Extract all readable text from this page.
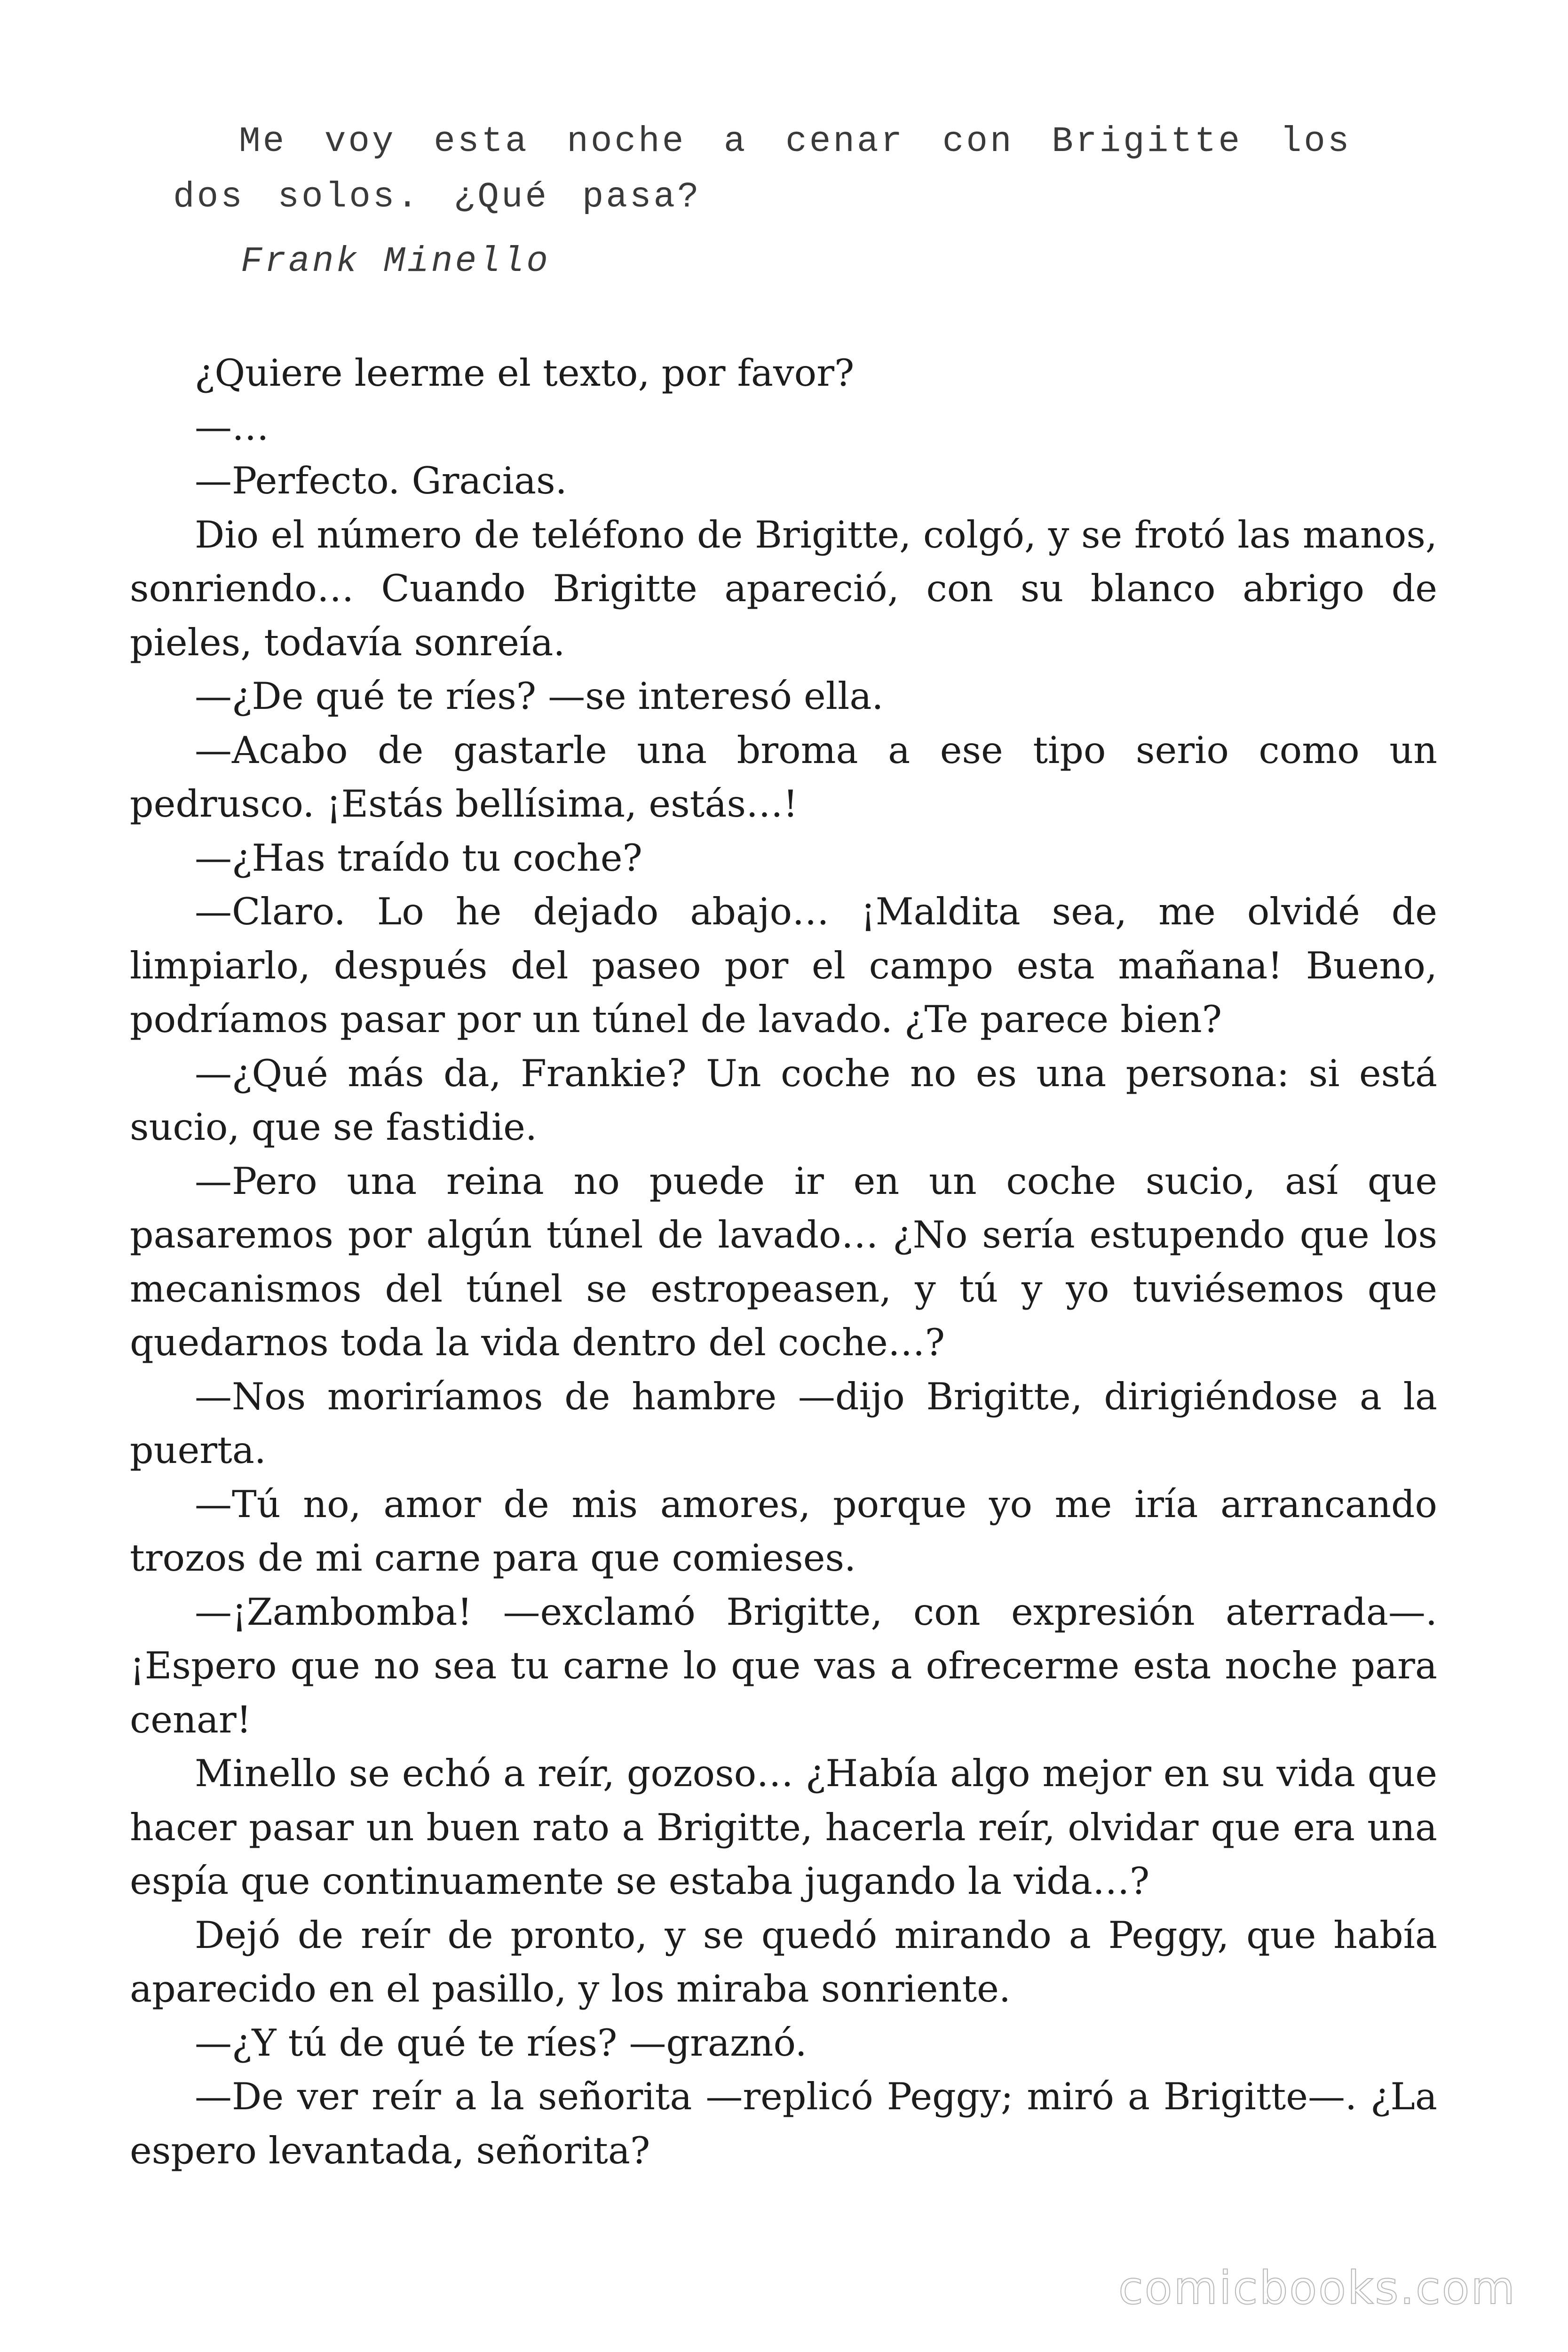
Me voy esta noche a cenar con Brigitte los
dos solos. ¿Qué pasa?
Frank Minello

¿Quiere leerme el texto, por favor?

—…

—Perfecto. Gracias.

Dio el número de teléfono de Brigitte, colgó, y se frotó las manos, sonriendo… Cuando Brigitte apareció, con su blanco abrigo de pieles, todavía sonreía.

—¿De qué te ríes? —se interesó ella.

—Acabo de gastarle una broma a ese tipo serio como un pedrusco. ¡Estás bellísima, estás…!

—¿Has traído tu coche?

—Claro. Lo he dejado abajo… ¡Maldita sea, me olvidé de limpiarlo, después del paseo por el campo esta mañana! Bueno, podríamos pasar por un túnel de lavado. ¿Te parece bien?

—¿Qué más da, Frankie? Un coche no es una persona: si está sucio, que se fastidie.

—Pero una reina no puede ir en un coche sucio, así que pasaremos por algún túnel de lavado… ¿No sería estupendo que los mecanismos del túnel se estropeasen, y tú y yo tuviésemos que quedarnos toda la vida dentro del coche…?

—Nos moriríamos de hambre —dijo Brigitte, dirigiéndose a la puerta.

—Tú no, amor de mis amores, porque yo me iría arrancando trozos de mi carne para que comieses.

—¡Zambomba! —exclamó Brigitte, con expresión aterrada—. ¡Espero que no sea tu carne lo que vas a ofrecerme esta noche para cenar!

Minello se echó a reír, gozoso… ¿Había algo mejor en su vida que hacer pasar un buen rato a Brigitte, hacerla reír, olvidar que era una espía que continuamente se estaba jugando la vida…?

Dejó de reír de pronto, y se quedó mirando a Peggy, que había aparecido en el pasillo, y los miraba sonriente.

—¿Y tú de qué te ríes? —graznó.

—De ver reír a la señorita —replicó Peggy; miró a Brigitte—. ¿La espero levantada, señorita?

comicbooks.com
